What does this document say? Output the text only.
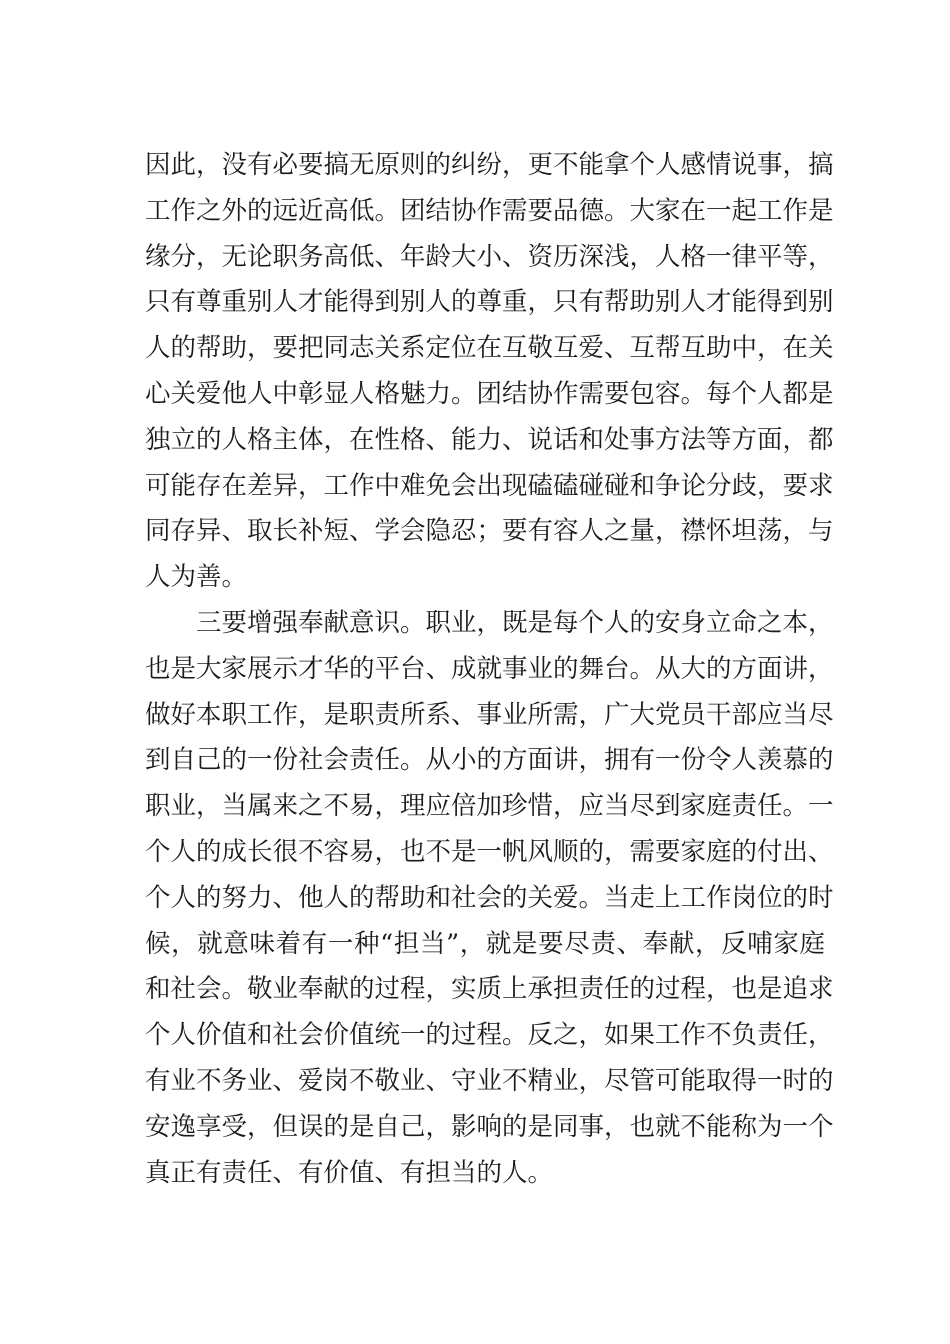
因此，没有必要搞无原则的纠纷，更不能拿个人感情说事，搞
工作之外的远近高低。团结协作需要品德。大家在一起工作是
缘分，无论职务高低、年龄大小、资历深浅，人格一律平等，
只有尊重别人才能得到别人的尊重，只有帮助别人才能得到别
人的帮助，要把同志关系定位在互敬互爱、互帮互助中，在关
心关爱他人中彰显人格魅力。团结协作需要包容。每个人都是
独立的人格主体，在性格、能力、说话和处事方法等方面，都
可能存在差异，工作中难免会出现磕磕碰碰和争论分歧，要求
同存异、取长补短、学会隐忍；要有容人之量，襟怀坦荡，与
人为善。
三要增强奉献意识。职业，既是每个人的安身立命之本，
也是大家展示才华的平台、成就事业的舞台。从大的方面讲，
做好本职工作，是职责所系、事业所需，广大党员干部应当尽
到自己的一份社会责任。从小的方面讲，拥有一份令人羡慕的
职业，当属来之不易，理应倍加珍惜，应当尽到家庭责任。一
个人的成长很不容易，也不是一帆风顺的，需要家庭的付出、
个人的努力、他人的帮助和社会的关爱。当走上工作岗位的时
候，就意味着有一种“担当”，就是要尽责、奉献，反哺家庭
和社会。敬业奉献的过程，实质上承担责任的过程，也是追求
个人价值和社会价值统一的过程。反之，如果工作不负责任，
有业不务业、爱岗不敬业、守业不精业，尽管可能取得一时的
安逸享受，但误的是自己，影响的是同事，也就不能称为一个
真正有责任、有价值、有担当的人。
